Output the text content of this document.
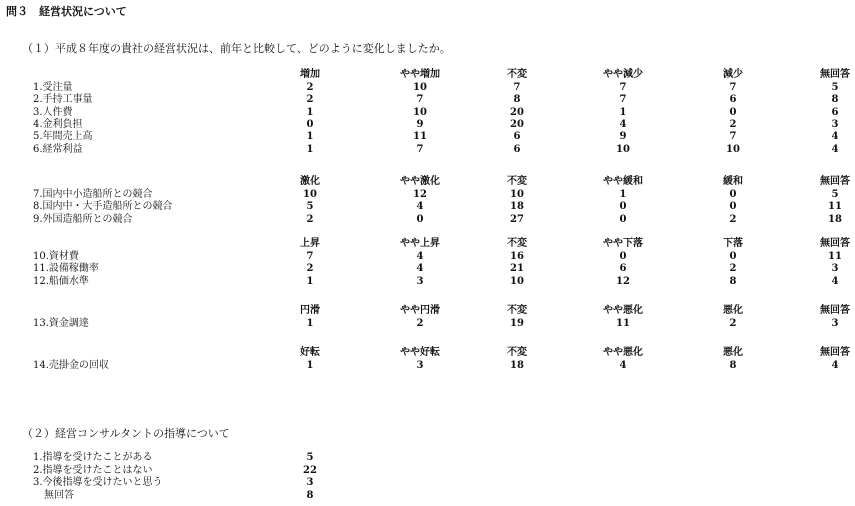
問３　経営状況について
（１）平成８年度の貴社の経営状況は、前年と比較して、どのように変化しましたか。
（２）経営コンサルタントの指導について
増加	やや増加	不変	やや減少	減少	無回答
1.受注量	2	10	7	7	7	5
2.手持工事量	2	7	8	7	6	8
3.人件費	1	10	20	1	0	6
4.金利負担	0	9	20	4	2	3
5.年間売上高	1	11	6	9	7	4
6.経常利益	1	7	6	10	10	4
激化	やや激化	不変	やや緩和	緩和	無回答
7.国内中小造船所との競合	10	12	10	1	0	5
8.国内中・大手造船所との競合	5	4	18	0	0	11
9.外国造船所との競合	2	0	27	0	2	18
上昇	やや上昇	不変	やや下落	下落	無回答
10.資材費	7	4	16	0	0	11
11.設備稼働率	2	4	21	6	2	3
12.船価水準	1	3	10	12	8	4
円滑	やや円滑	不変	やや悪化	悪化	無回答
13.資金調達	1	2	19	11	2	3
好転	やや好転	不変	やや悪化	悪化	無回答
14.売掛金の回収	1	3	18	4	8	4
1.指導を受けたことがある	5
2.指導を受けたことはない	22
3.今後指導を受けたいと思う	3
無回答	8
